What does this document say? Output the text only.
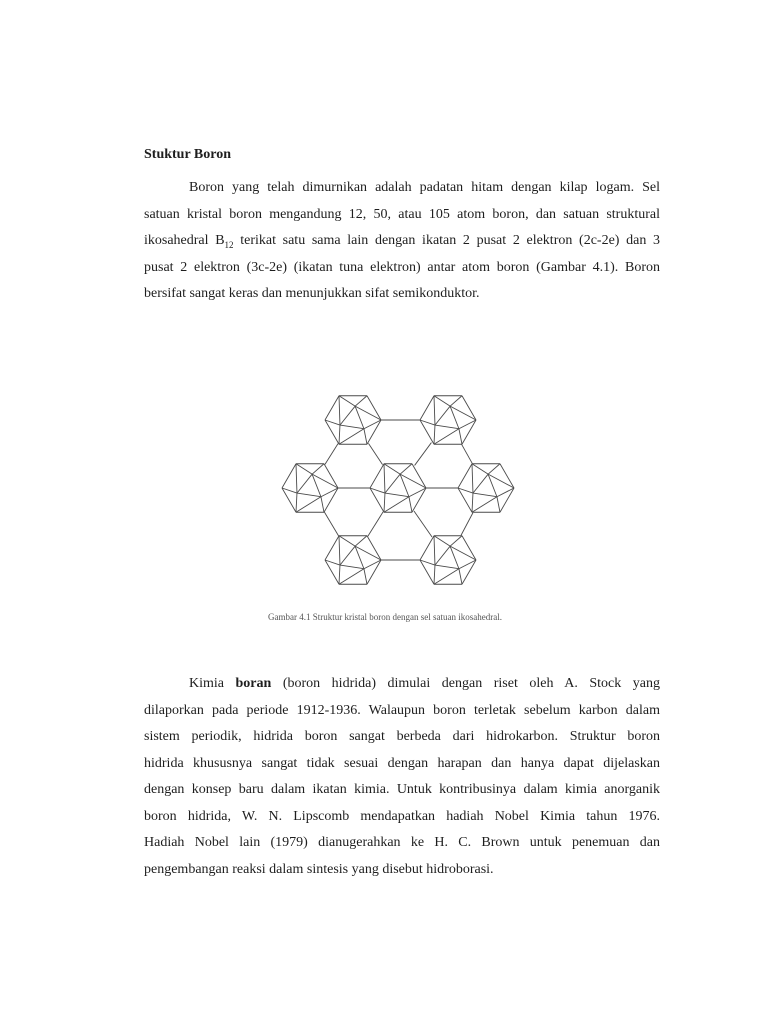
Stuktur Boron
Boron yang telah dimurnikan adalah padatan hitam dengan kilap logam. Sel
satuan kristal boron mengandung 12, 50, atau 105 atom boron, dan satuan struktural
ikosahedral $B_{12}$ terikat satu sama lain dengan ikatan 2 pusat 2 elektron (2c-2e) dan 3
pusat 2 elektron (3c-2e) (ikatan tuna elektron) antar atom boron (Gambar 4.1). Boron
bersifat sangat keras dan menunjukkan sifat semikonduktor.
Gambar 4.1 Struktur kristal boron dengan sel satuan ikosahedral.
Kimia boran (boron hidrida) dimulai dengan riset oleh A. Stock yang
dilaporkan pada periode 1912-1936. Walaupun boron terletak sebelum karbon dalam
sistem periodik, hidrida boron sangat berbeda dari hidrokarbon. Struktur boron
hidrida khususnya sangat tidak sesuai dengan harapan dan hanya dapat dijelaskan
dengan konsep baru dalam ikatan kimia. Untuk kontribusinya dalam kimia anorganik
boron hidrida, W. N. Lipscomb mendapatkan hadiah Nobel Kimia tahun 1976.
Hadiah Nobel lain (1979) dianugerahkan ke H. C. Brown untuk penemuan dan
pengembangan reaksi dalam sintesis yang disebut hidroborasi.
